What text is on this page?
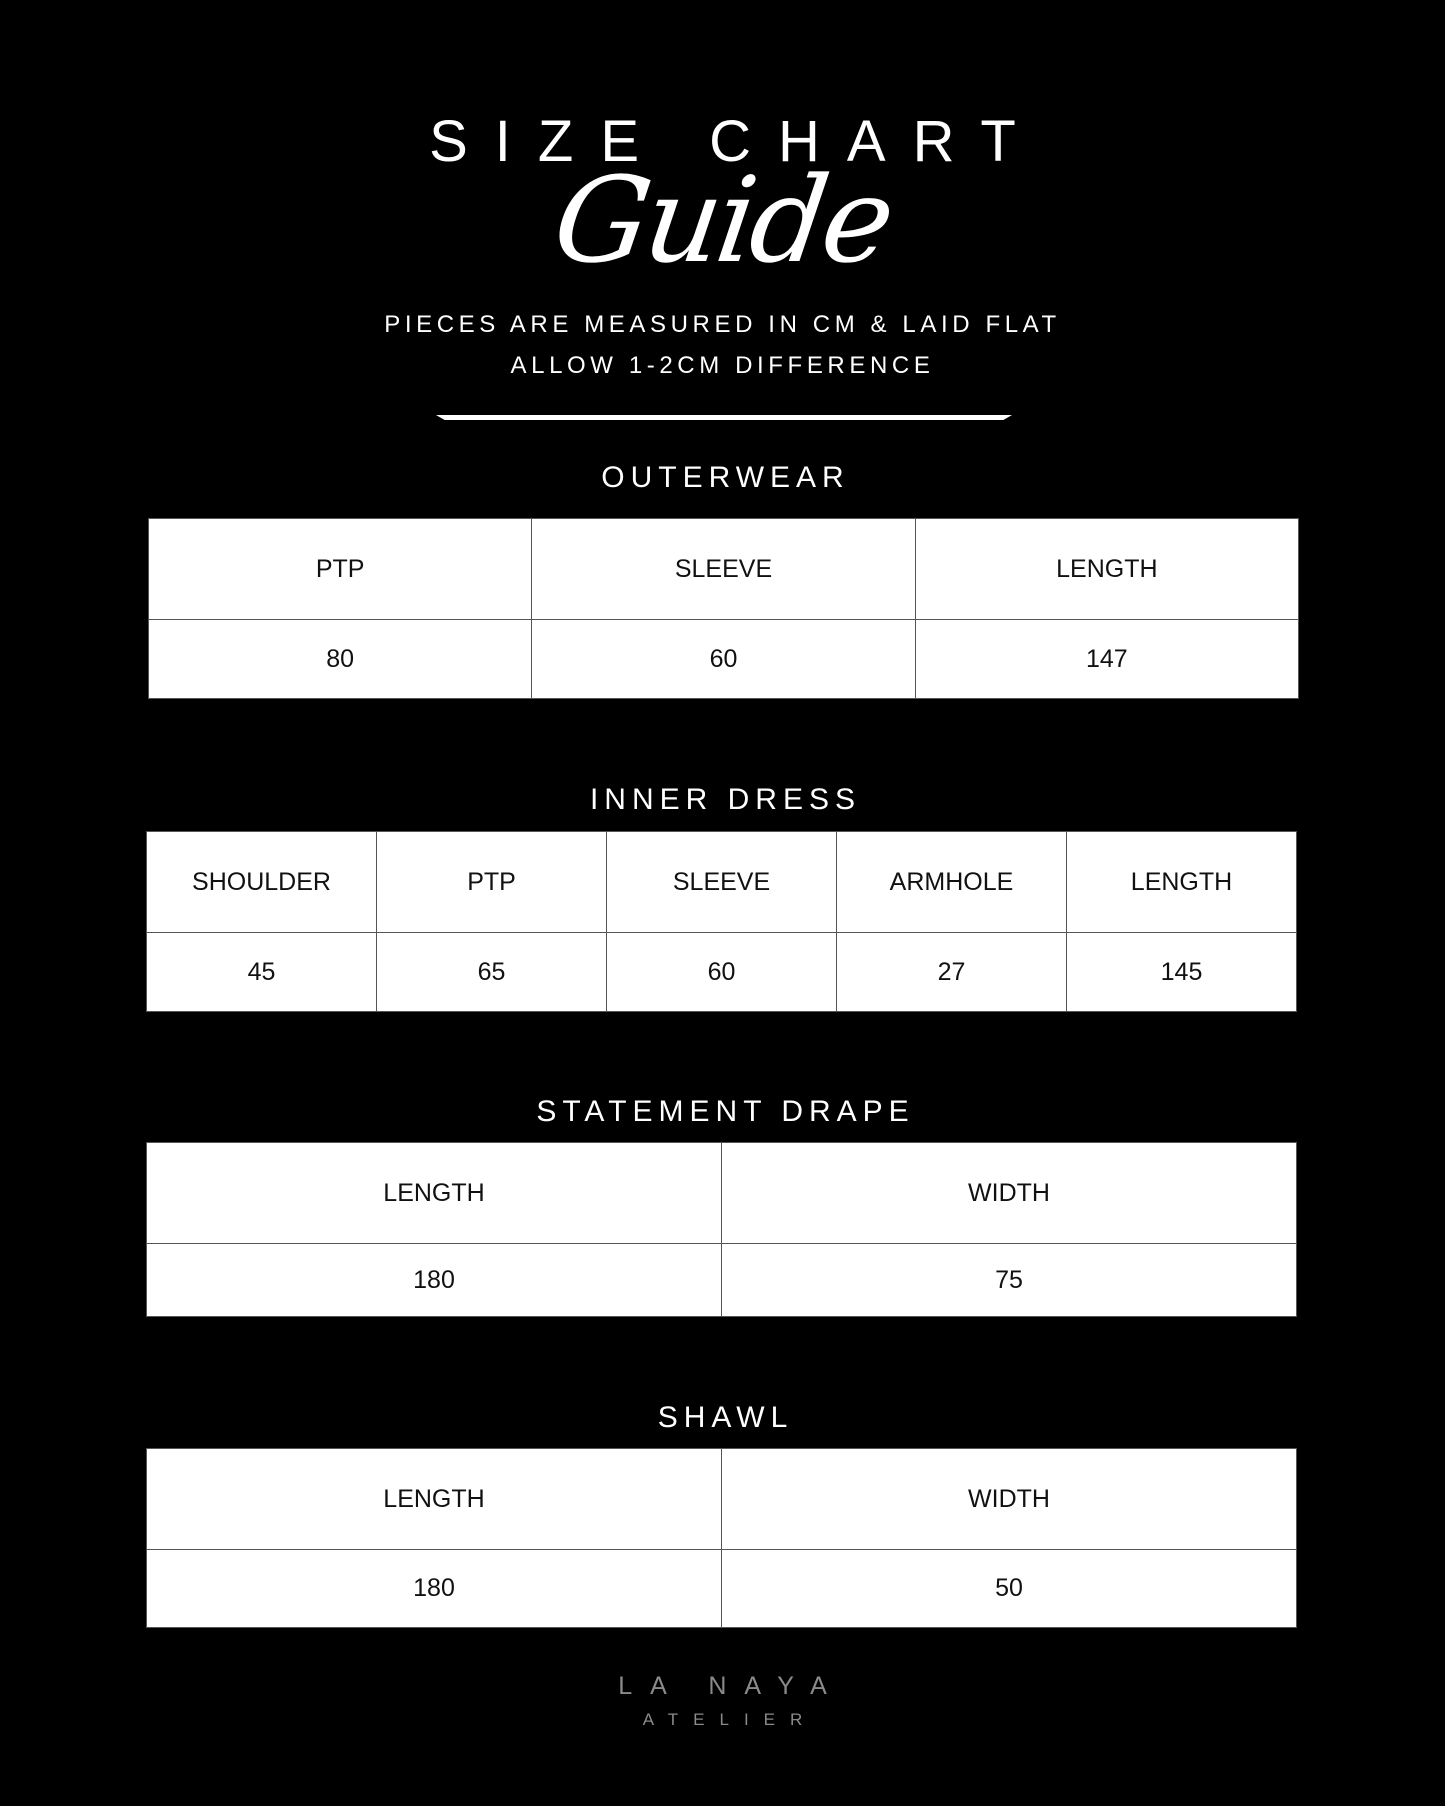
SIZE CHART
Guide
PIECES ARE MEASURED IN CM & LAID FLAT
ALLOW 1-2CM DIFFERENCE
OUTERWEAR
PTP	SLEEVE	LENGTH
80	60	147
INNER DRESS
SHOULDER	PTP	SLEEVE	ARMHOLE	LENGTH
45	65	60	27	145
STATEMENT DRAPE
LENGTH	WIDTH
180	75
SHAWL
LENGTH	WIDTH
180	50
LA NAYA
ATELIER
